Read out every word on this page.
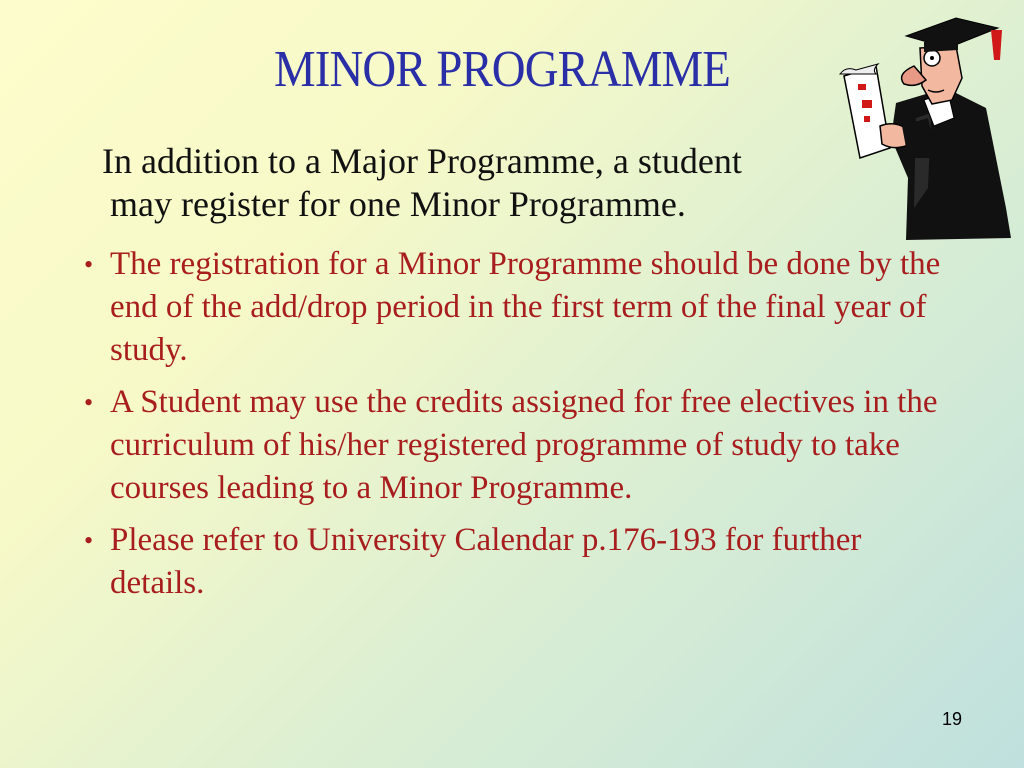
MINOR PROGRAMME
In addition to a Major Programme, a student
may register for one Minor Programme.
• The registration for a Minor Programme should be done by the end of the add/drop period in the first term of the final year of study.
• A Student may use the credits assigned for free electives in the curriculum of his/her registered programme of study to take courses leading to a Minor Programme.
• Please refer to University Calendar p.176-193 for further details.
19
